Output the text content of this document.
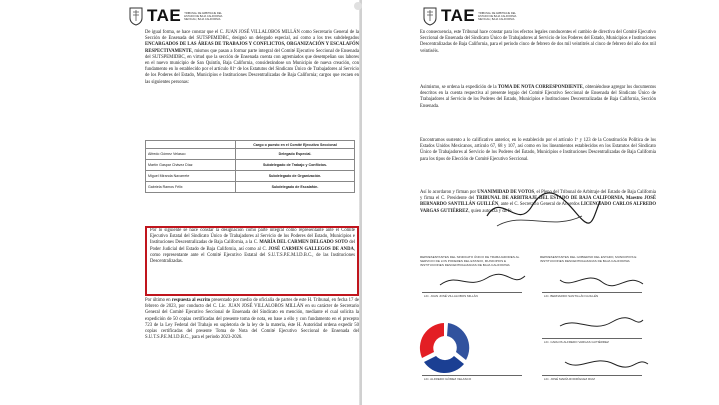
TAE TRIBUNAL DE ARBITRAJE DEL
ESTADO DE BAJA CALIFORNIA
MEXICALI, BAJA CALIFORNIA
De igual forma, se hace constar que el C. JUAN JOSÉ VILLALOBOS MILLÁN como Secretario General de la Sección de Ensenada del SUTSPEMIDBC, designó un delegado especial, así como a los tres subdelegados ENCARGADOS DE LAS ÁREAS DE TRABAJOS Y CONFLICTOS, ORGANIZACIÓN Y ESCALAFÓN RESPECTIVAMENTE, mismos que pasan a formar parte integral del Comité Ejecutivo Seccional de Ensenada del SUTSPEMIDBC, en virtud que la sección de Ensenada cuenta con agremiados que desempeñan sus labores en el nuevo municipio de San Quintín, Baja California, considerándose un Municipio de nueva creación, con fundamento en lo establecido por el artículo 81º de los Estatutos del Sindicato Único de Trabajadores al Servicio de los Poderes del Estado, Municipios e Instituciones Descentralizadas de Baja California; cargos que recaen en las siguientes personas:
	Cargo o puesto en el Comité Ejecutivo Seccional
Alfredo Gómez Velasco	Delegado Especial.
Martín Gaspar Chávez Díaz	Subdelegado de Trabajo y Conflictos.
Miguel Miranda Navarrete	Subdelegado de Organización.
Gabriela Ramos Félix	Subdelegado de Escalafón.
Por lo siguiente se hace constar la designación como parte integral como representante ante el Comité Ejecutivo Estatal del Sindicato Único de Trabajadores al Servicio de los Poderes del Estado, Municipios e Instituciones Descentralizadas de Baja California, a la C. MARÍA DEL CARMEN DELGADO SOTO del Poder Judicial del Estado de Baja California, así como al C. JOSÉ CARMEN GALLEGOS DE ANDA, como representante ante el Comité Ejecutivo Estatal del S.U.T.S.P.E.M.I.D.B.C., de las Instituciones Descentralizadas.
Por último en respuesta al escrito presentado por medio de oficialía de partes de este H. Tribunal, en fecha 17 de febrero de 2023, por conducto del C. Lic. JUAN JOSÉ VILLALOBOS MILLÁN en su carácter de Secretario General del Comité Ejecutivo Seccional de Ensenada del Sindicato en mención, mediante el cual solicita la expedición de 50 copias certificadas del presente toma de nota, en base a ello y con fundamento en el precepto 723 de la Ley Federal del Trabajo en supletoria de la ley de la materia, éste H. Autoridad ordena expedir 50 copias certificadas del presente Toma de Nota del Comité Ejecutivo Seccional de Ensenada del S.U.T.S.P.E.M.I.D.B.C., para el periodo 2023-2026.
TAE TRIBUNAL DE ARBITRAJE DEL
ESTADO DE BAJA CALIFORNIA
MEXICALI, BAJA CALIFORNIA
En consecuencia, este Tribunal hace constar para los efectos legales conducentes el cambio de directiva del Comité Ejecutivo Seccional de Ensenada del Sindicato Único de Trabajadores al Servicio de los Poderes del Estado, Municipios e Instituciones Descentralizadas de Baja California, para el periodo cinco de febrero de dos mil veintitrés al cinco de febrero del año dos mil veintiséis.
Asimismo, se ordena la expedición de la TOMA DE NOTA CORRESPONDIENTE, obteniéndose agregar los documentos descritos en la cuenta respectiva al presente legajo del Comité Ejecutivo Seccional de Ensenada del Sindicato Único de Trabajadores al Servicio de los Poderes del Estado, Municipios e Instituciones Descentralizadas de Baja California, Sección Ensenada.
Encontramos sustento a lo calificativo anterior, en lo establecido por el artículo 1º y 123 de la Constitución Política de los Estados Unidos Mexicanos, artículo 67, 68 y 107, así como en los lineamientos establecidos en los Estatutos del Sindicato Único de Trabajadores al Servicio de los Poderes del Estado, Municipios e Instituciones Descentralizadas de Baja California para los tipos de Elección de Comité Ejecutivo Seccional.
Así lo acordaron y firman por UNANIMIDAD DE VOTOS, el Pleno del Tribunal de Arbitraje del Estado de Baja California y firma el C. Presidente del TRIBUNAL DE ARBITRAJE DEL ESTADO DE BAJA CALIFORNIA, Maestro JOSÉ BERNARDO SANTILLÁN GUILLÉN, ante el C. Secretario General de Acuerdos LICENCIADO CARLOS ALFREDO VARGAS GUTIÉRREZ, quien autoriza y da fe.
REPRESENTANTES DEL SINDICATO ÚNICO DE TRABAJADORES AL SERVICIO DE LOS PODERES DEL ESTADO, MUNICIPIOS E INSTITUCIONES DESCENTRALIZADAS DE BAJA CALIFORNIA
REPRESENTANTES DEL GOBIERNO DEL ESTADO, MUNICIPIOS E INSTITUCIONES DESCENTRALIZADAS DE BAJA CALIFORNIA
LIC. JUAN JOSÉ VILLALOBOS MILLÁN	LIC. BERNARDO SANTILLÁN GUILLÉN
LIC. CARLOS ALFREDO VARGAS GUTIÉRREZ
LIC. JOSÉ MARÍA RODRÍGUEZ RUIZ
LIC. ALFREDO GÓMEZ VELASCO
